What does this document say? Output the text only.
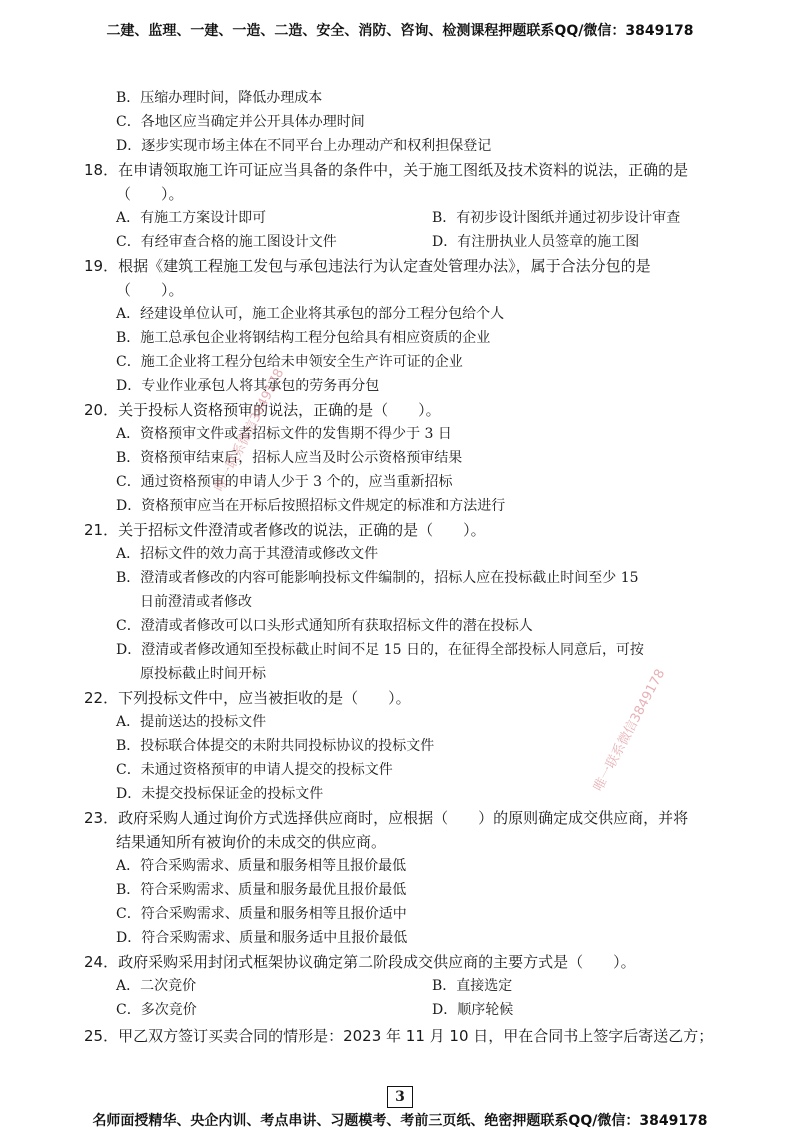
二建、监理、一建、一造、二造、安全、消防、咨询、检测课程押题联系QQ/微信：3849178
B．压缩办理时间，降低办理成本
C．各地区应当确定并公开具体办理时间
D．逐步实现市场主体在不同平台上办理动产和权利担保登记
18．在申请领取施工许可证应当具备的条件中，关于施工图纸及技术资料的说法，正确的是
（　　）。
A．有施工方案设计即可	B．有初步设计图纸并通过初步设计审查
C．有经审查合格的施工图设计文件	D．有注册执业人员签章的施工图
19．根据《建筑工程施工发包与承包违法行为认定查处管理办法》，属于合法分包的是
（　　）。
A．经建设单位认可，施工企业将其承包的部分工程分包给个人
B．施工总承包企业将钢结构工程分包给具有相应资质的企业
C．施工企业将工程分包给未申领安全生产许可证的企业
D．专业作业承包人将其承包的劳务再分包
20．关于投标人资格预审的说法，正确的是（　　）。
A．资格预审文件或者招标文件的发售期不得少于 3 日
B．资格预审结束后，招标人应当及时公示资格预审结果
C．通过资格预审的申请人少于 3 个的，应当重新招标
D．资格预审应当在开标后按照招标文件规定的标准和方法进行
21．关于招标文件澄清或者修改的说法，正确的是（　　）。
A．招标文件的效力高于其澄清或修改文件
B．澄清或者修改的内容可能影响投标文件编制的，招标人应在投标截止时间至少 15
日前澄清或者修改
C．澄清或者修改可以口头形式通知所有获取招标文件的潜在投标人
D．澄清或者修改通知至投标截止时间不足 15 日的，在征得全部投标人同意后，可按
原投标截止时间开标
22．下列投标文件中，应当被拒收的是（　　）。
A．提前送达的投标文件
B．投标联合体提交的未附共同投标协议的投标文件
C．未通过资格预审的申请人提交的投标文件
D．未提交投标保证金的投标文件
23．政府采购人通过询价方式选择供应商时，应根据（　　）的原则确定成交供应商，并将
结果通知所有被询价的未成交的供应商。
A．符合采购需求、质量和服务相等且报价最低
B．符合采购需求、质量和服务最优且报价最低
C．符合采购需求、质量和服务相等且报价适中
D．符合采购需求、质量和服务适中且报价最低
24．政府采购采用封闭式框架协议确定第二阶段成交供应商的主要方式是（　　）。
A．二次竞价	B．直接选定
C．多次竞价	D．顺序轮候
25．甲乙双方签订买卖合同的情形是：2023 年 11 月 10 日，甲在合同书上签字后寄送乙方；
唯一联系微信3849178
唯一联系微信3849178
3
名师面授精华、央企内训、考点串讲、习题模考、考前三页纸、绝密押题联系QQ/微信：3849178
